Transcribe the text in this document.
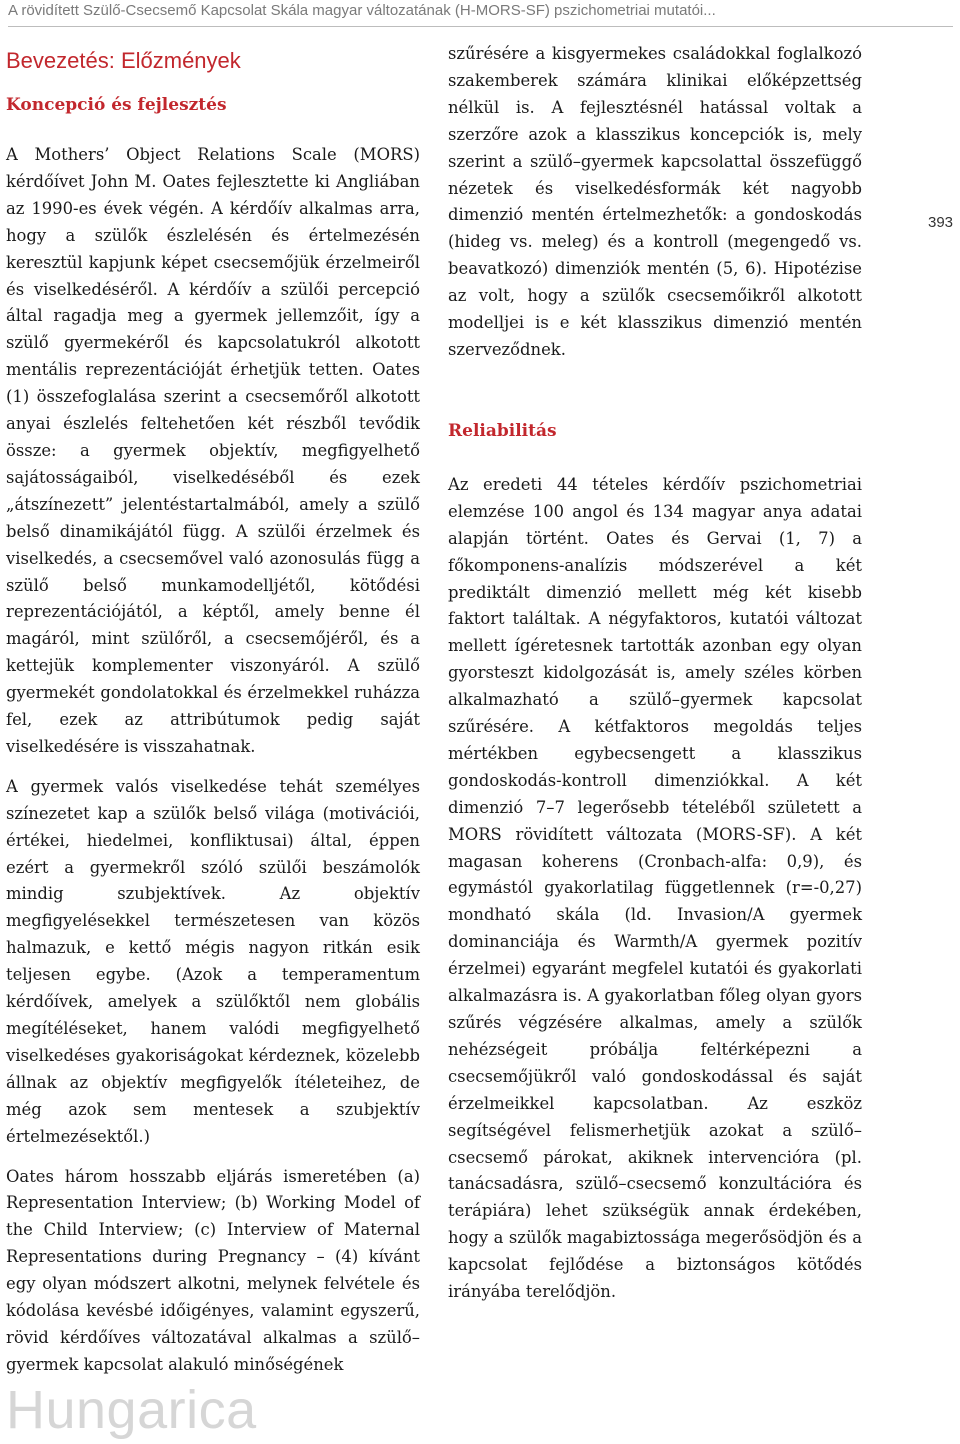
A rövidített Szülő-Csecsemő Kapcsolat Skála magyar változatának (H-MORS-SF) pszichometriai mutatói...
393
Bevezetés: Előzmények
Koncepció és fejlesztés

A Mothers’ Object Relations Scale (MORS) kérdőívet John M. Oates fejlesztette ki Angliában az 1990-es évek végén. A kérdőív alkalmas arra, hogy a szülők észlelésén és értelmezésén keresztül kapjunk képet csecsemőjük érzelmeiről és viselkedéséről. A kérdőív a szülői percepció által ragadja meg a gyermek jellemzőit, így a szülő gyermekéről és kapcsolatukról alkotott mentális reprezentációját érhetjük tetten. Oates (1) összefoglalása szerint a csecsemőről alkotott anyai észlelés feltehetően két részből tevődik össze: a gyermek objektív, megfigyelhető sajátosságaiból, viselkedéséből és ezek „átszínezett” jelentéstartalmából, amely a szülő belső dinamikájától függ. A szülői érzelmek és viselkedés, a csecsemővel való azonosulás függ a szülő belső munkamodelljétől, kötődési reprezentációjától, a képtől, amely benne él magáról, mint szülőről, a csecsemőjéről, és a kettejük komplementer viszonyáról. A szülő gyermekét gondolatokkal és érzelmekkel ruházza fel, ezek az attribútumok pedig saját viselkedésére is visszahatnak.

A gyermek valós viselkedése tehát személyes színezetet kap a szülők belső világa (motivációi, értékei, hiedelmei, konfliktusai) által, éppen ezért a gyermekről szóló szülői beszámolók mindig szubjektívek. Az objektív megfigyelésekkel természetesen van közös halmazuk, e kettő mégis nagyon ritkán esik teljesen egybe. (Azok a temperamentum kérdőívek, amelyek a szülőktől nem globális megítéléseket, hanem valódi megfigyelhető viselkedéses gyakoriságokat kérdeznek, közelebb állnak az objektív megfigyelők ítéleteihez, de még azok sem mentesek a szubjektív értelmezésektől.)

Oates három hosszabb eljárás ismeretében (a) Representation Interview; (b) Working Model of the Child Interview; (c) Interview of Maternal Representations during Pregnancy – (4) kívánt egy olyan módszert alkotni, melynek felvétele és kódolása kevésbé időigényes, valamint egyszerű, rövid kérdőíves változatával alkalmas a szülő–gyermek kapcsolat alakuló minőségének

szűrésére a kisgyermekes családokkal foglalkozó szakemberek számára klinikai előképzettség nélkül is. A fejlesztésnél hatással voltak a szerzőre azok a klasszikus koncepciók is, mely szerint a szülő–gyermek kapcsolattal összefüggő nézetek és viselkedésformák két nagyobb dimenzió mentén értelmezhetők: a gondoskodás (hideg vs. meleg) és a kontroll (megengedő vs. beavatkozó) dimenziók mentén (5, 6). Hipotézise az volt, hogy a szülők csecsemőikről alkotott modelljei is e két klasszikus dimenzió mentén szerveződnek.

Reliabilitás

Az eredeti 44 tételes kérdőív pszichometriai elemzése 100 angol és 134 magyar anya adatai alapján történt. Oates és Gervai (1, 7) a főkomponens-analízis módszerével a két prediktált dimenzió mellett még két kisebb faktort találtak. A négyfaktoros, kutatói változat mellett ígéretesnek tartották azonban egy olyan gyorsteszt kidolgozását is, amely széles körben alkalmazható a szülő–gyermek kapcsolat szűrésére. A kétfaktoros megoldás teljes mértékben egybecsengett a klasszikus gondoskodás-kontroll dimenziókkal. A két dimenzió 7–7 legerősebb tételéből született a MORS rövidített változata (MORS-SF). A két magasan koherens (Cronbach-alfa: 0,9), és egymástól gyakorlatilag függetlennek (r=-0,27) mondható skála (ld. Invasion/A gyermek dominanciája és Warmth/A gyermek pozitív érzelmei) egyaránt megfelel kutatói és gyakorlati alkalmazásra is. A gyakorlatban főleg olyan gyors szűrés végzésére alkalmas, amely a szülők nehézségeit próbálja feltérképezni a csecsemőjükről való gondoskodással és saját érzelmeikkel kapcsolatban. Az eszköz segítségével felismerhetjük azokat a szülő–csecsemő párokat, akiknek intervencióra (pl. tanácsadásra, szülő–csecsemő konzultációra és terápiára) lehet szükségük annak érdekében, hogy a szülők magabiztossága megerősödjön és a kapcsolat fejlődése a biztonságos kötődés irányába terelődjön.

Hungarica
